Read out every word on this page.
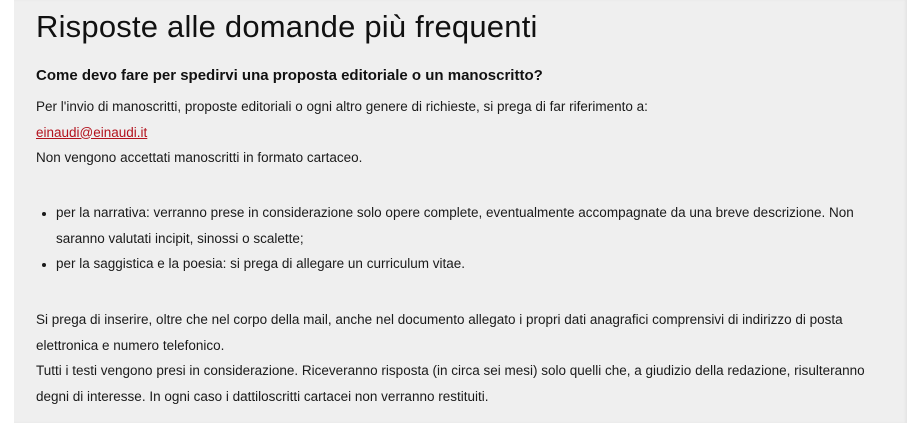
Risposte alle domande più frequenti
Come devo fare per spedirvi una proposta editoriale o un manoscritto?
Per l'invio di manoscritti, proposte editoriali o ogni altro genere di richieste, si prega di far riferimento a:
einaudi@einaudi.it
Non vengono accettati manoscritti in formato cartaceo.
• per la narrativa: verranno prese in considerazione solo opere complete, eventualmente accompagnate da una breve descrizione. Non saranno valutati incipit, sinossi o scalette;
• per la saggistica e la poesia: si prega di allegare un curriculum vitae.
Si prega di inserire, oltre che nel corpo della mail, anche nel documento allegato i propri dati anagrafici comprensivi di indirizzo di posta elettronica e numero telefonico.
Tutti i testi vengono presi in considerazione. Riceveranno risposta (in circa sei mesi) solo quelli che, a giudizio della redazione, risulteranno degni di interesse. In ogni caso i dattiloscritti cartacei non verranno restituiti.
